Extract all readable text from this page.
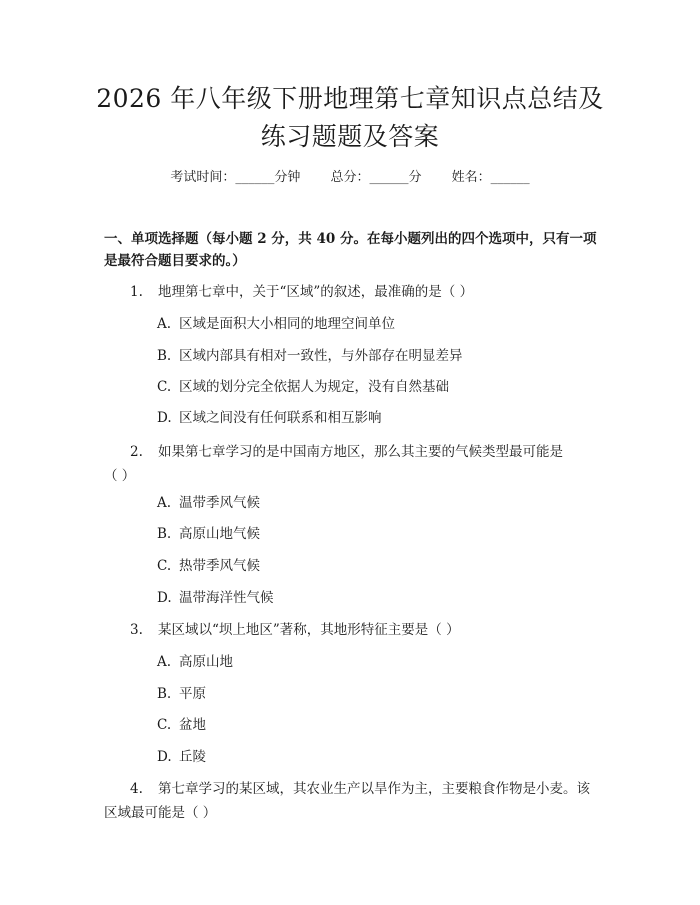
2026 年八年级下册地理第七章知识点总结及
练习题题及答案
考试时间：______分钟 总分：______分 姓名：______
一、单项选择题（每小题 2 分，共 40 分。在每小题列出的四个选项中，只有一项
是最符合题目要求的。）
1. 地理第七章中，关于“区域”的叙述，最准确的是（ ）
A. 区域是面积大小相同的地理空间单位
B. 区域内部具有相对一致性，与外部存在明显差异
C. 区域的划分完全依据人为规定，没有自然基础
D. 区域之间没有任何联系和相互影响
2. 如果第七章学习的是中国南方地区，那么其主要的气候类型最可能是
（ ）
A. 温带季风气候
B. 高原山地气候
C. 热带季风气候
D. 温带海洋性气候
3. 某区域以“坝上地区”著称，其地形特征主要是（ ）
A. 高原山地
B. 平原
C. 盆地
D. 丘陵
4. 第七章学习的某区域，其农业生产以旱作为主，主要粮食作物是小麦。该
区域最可能是（ ）
